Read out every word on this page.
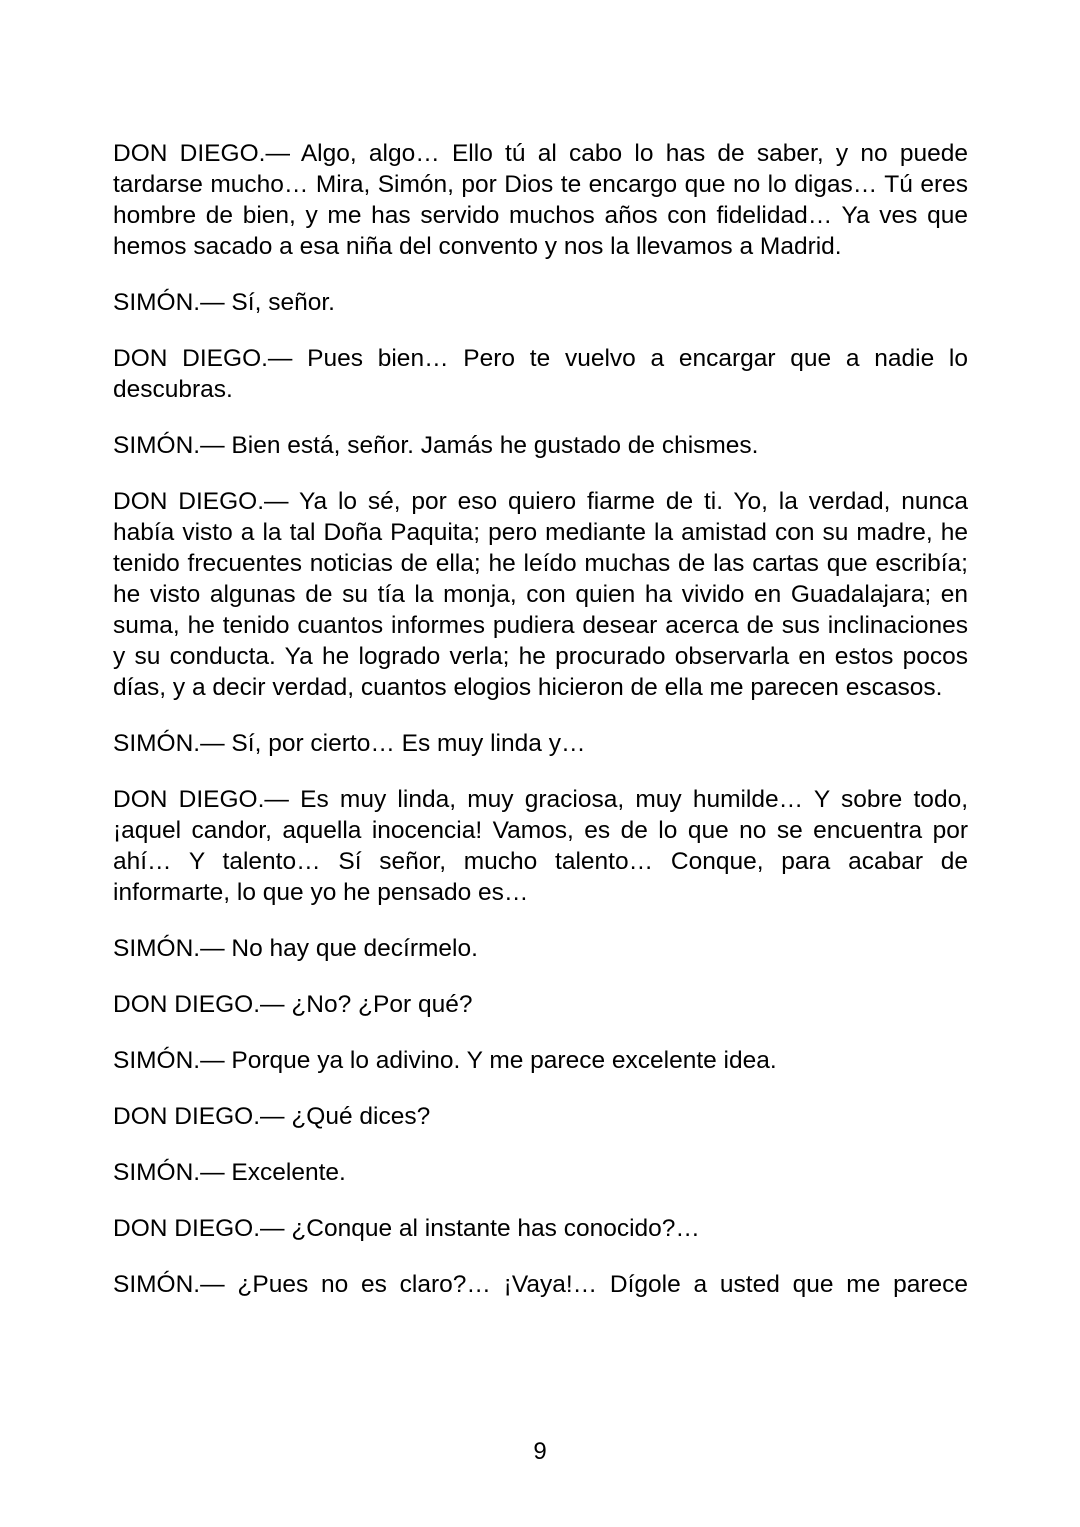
DON DIEGO.— Algo, algo… Ello tú al cabo lo has de saber, y no puede tardarse mucho… Mira, Simón, por Dios te encargo que no lo digas… Tú eres hombre de bien, y me has servido muchos años con fidelidad… Ya ves que hemos sacado a esa niña del convento y nos la llevamos a Madrid.

SIMÓN.— Sí, señor.

DON DIEGO.— Pues bien… Pero te vuelvo a encargar que a nadie lo descubras.

SIMÓN.— Bien está, señor. Jamás he gustado de chismes.

DON DIEGO.— Ya lo sé, por eso quiero fiarme de ti. Yo, la verdad, nunca había visto a la tal Doña Paquita; pero mediante la amistad con su madre, he tenido frecuentes noticias de ella; he leído muchas de las cartas que escribía; he visto algunas de su tía la monja, con quien ha vivido en Guadalajara; en suma, he tenido cuantos informes pudiera desear acerca de sus inclinaciones y su conducta. Ya he logrado verla; he procurado observarla en estos pocos días, y a decir verdad, cuantos elogios hicieron de ella me parecen escasos.

SIMÓN.— Sí, por cierto… Es muy linda y…

DON DIEGO.— Es muy linda, muy graciosa, muy humilde… Y sobre todo, ¡aquel candor, aquella inocencia! Vamos, es de lo que no se encuentra por ahí… Y talento… Sí señor, mucho talento… Conque, para acabar de informarte, lo que yo he pensado es…

SIMÓN.— No hay que decírmelo.

DON DIEGO.— ¿No? ¿Por qué?

SIMÓN.— Porque ya lo adivino. Y me parece excelente idea.

DON DIEGO.— ¿Qué dices?

SIMÓN.— Excelente.

DON DIEGO.— ¿Conque al instante has conocido?…

SIMÓN.— ¿Pues no es claro?… ¡Vaya!… Dígole a usted que me parece

9
